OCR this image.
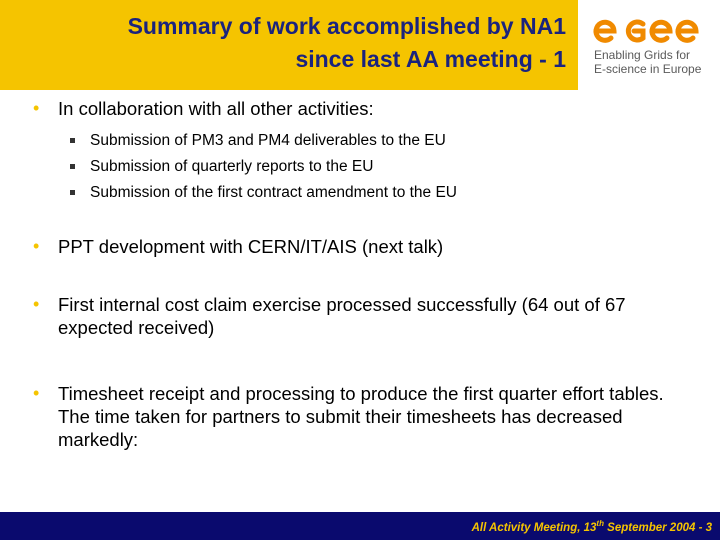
Summary of work accomplished by NA1
since last AA meeting - 1
egee
Enabling Grids for
E-science in Europe
• In collaboration with all other activities:
Submission of PM3 and PM4 deliverables to the EU
Submission of quarterly reports to the EU
Submission of the first contract amendment to the EU
• PPT development with CERN/IT/AIS (next talk)
• First internal cost claim exercise processed successfully (64 out of 67 expected received)
• Timesheet receipt and processing to produce the first quarter effort tables. The time taken for partners to submit their timesheets has decreased markedly:
All Activity Meeting, 13th September 2004 - 3
